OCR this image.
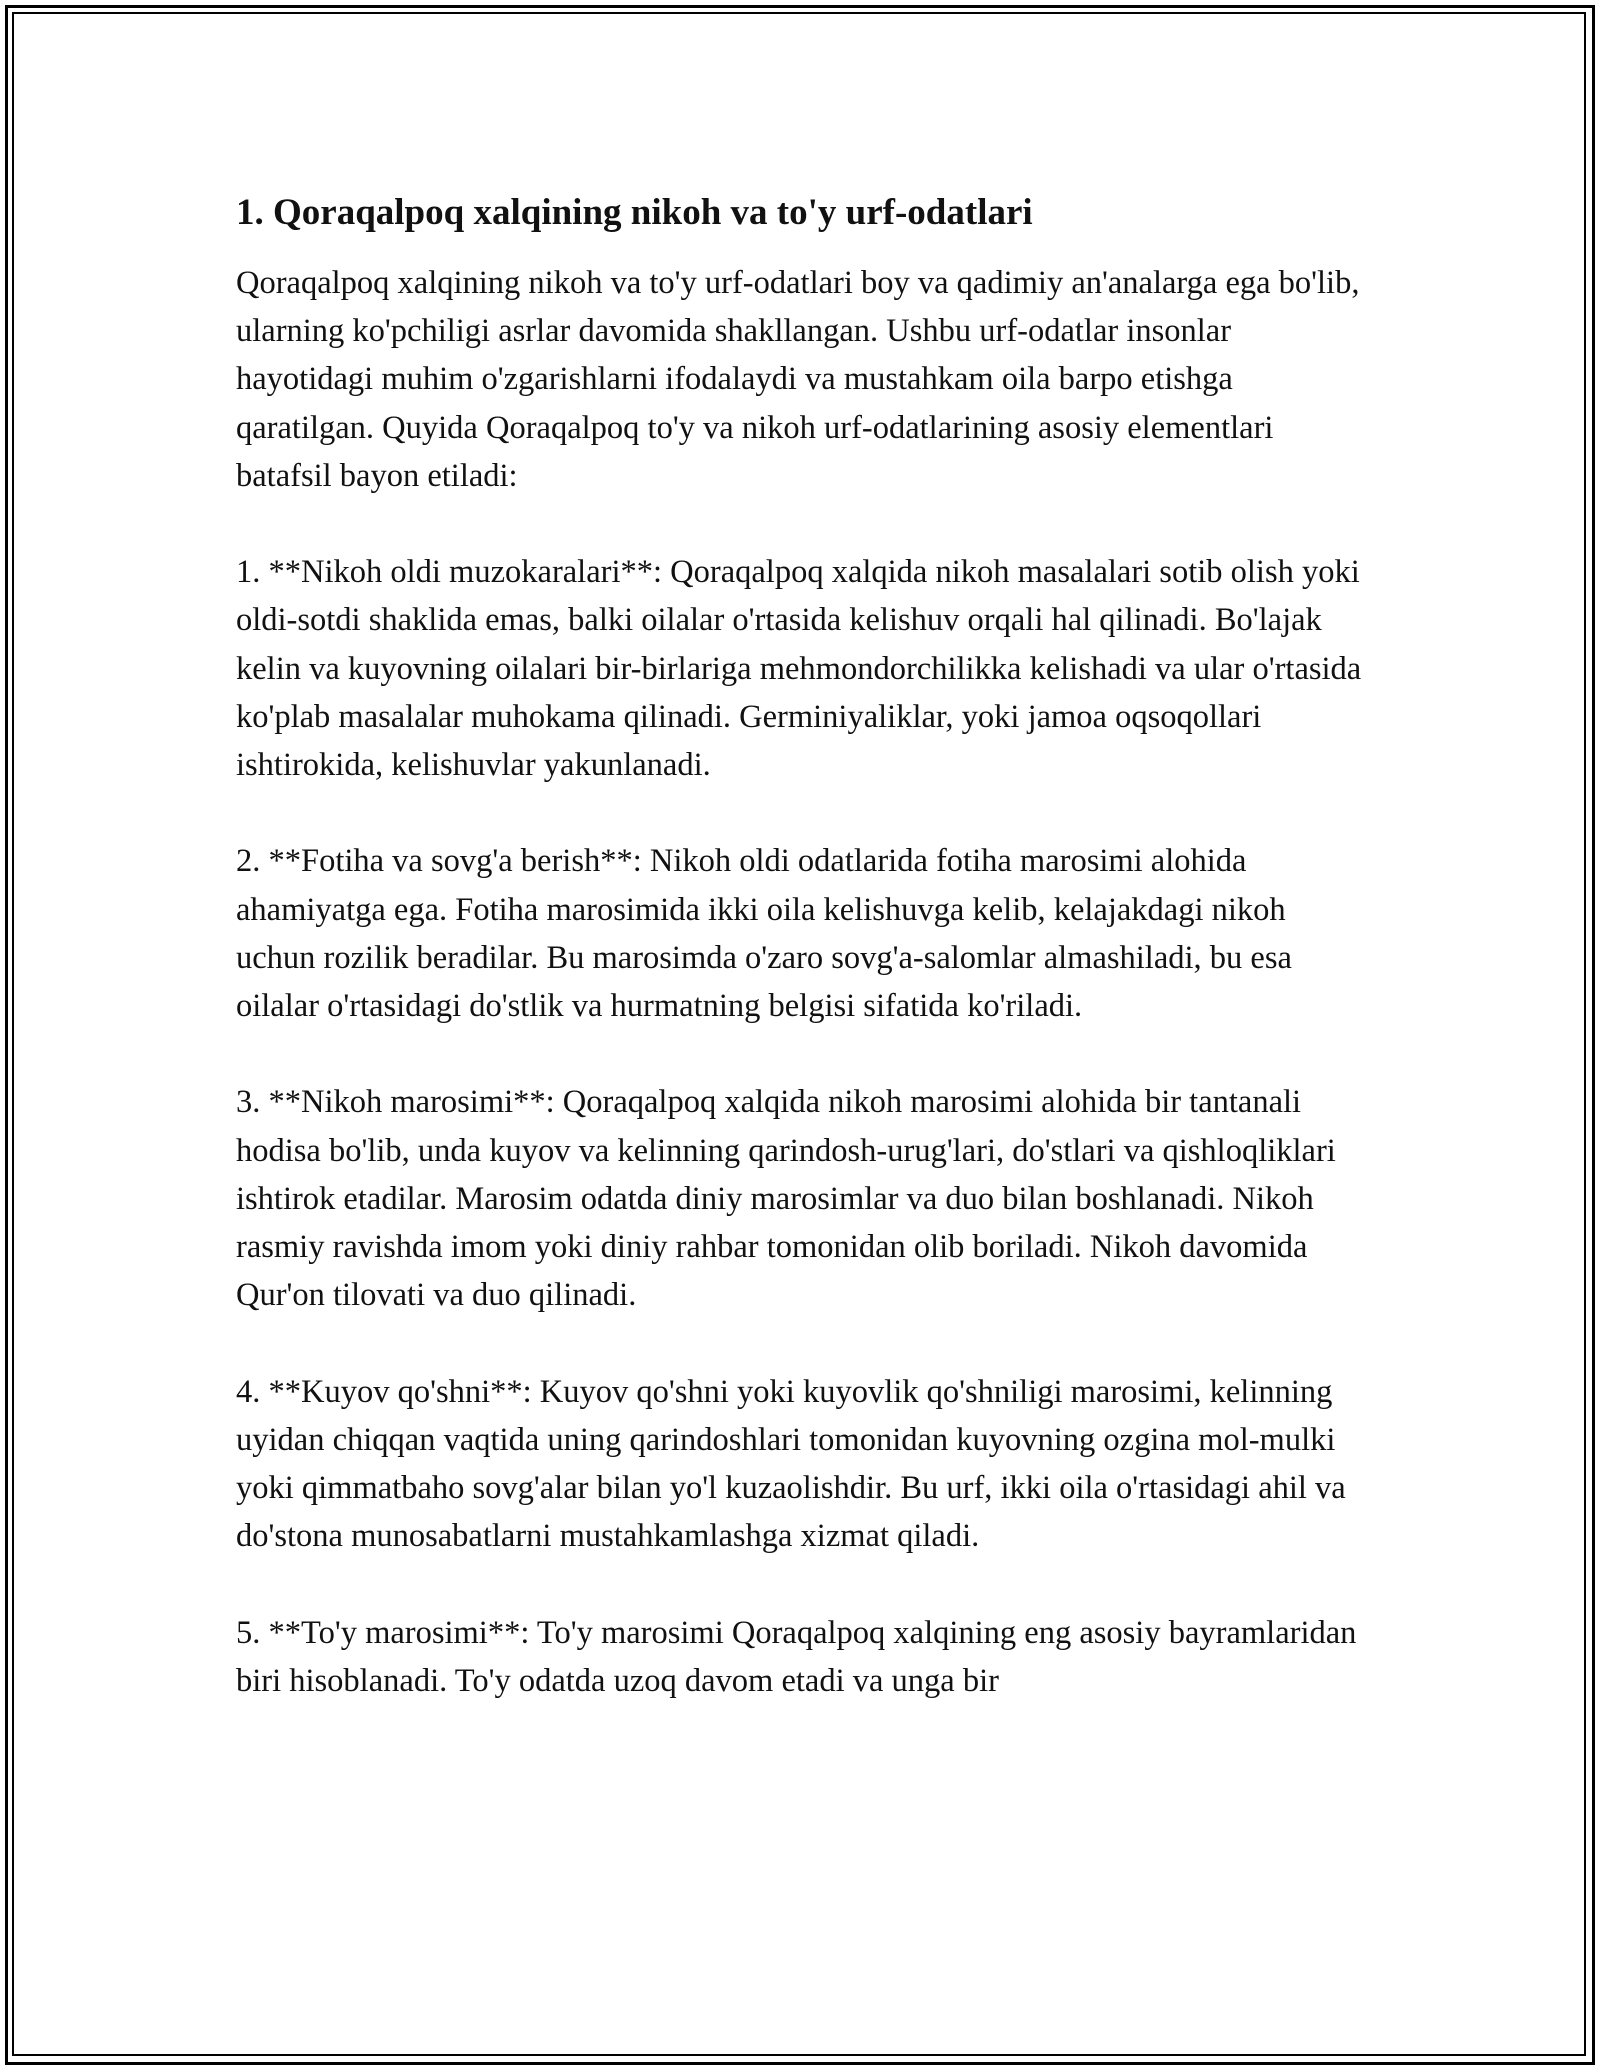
1. Qoraqalpoq xalqining nikoh va to'y urf-odatlari

Qoraqalpoq xalqining nikoh va to'y urf-odatlari boy va qadimiy an'analarga ega bo'lib, ularning ko'pchiligi asrlar davomida shakllangan. Ushbu urf-odatlar insonlar hayotidagi muhim o'zgarishlarni ifodalaydi va mustahkam oila barpo etishga qaratilgan. Quyida Qoraqalpoq to'y va nikoh urf-odatlarining asosiy elementlari batafsil bayon etiladi:

1. **Nikoh oldi muzokaralari**: Qoraqalpoq xalqida nikoh masalalari sotib olish yoki oldi-sotdi shaklida emas, balki oilalar o'rtasida kelishuv orqali hal qilinadi. Bo'lajak kelin va kuyovning oilalari bir-birlariga mehmondorchilikka kelishadi va ular o'rtasida ko'plab masalalar muhokama qilinadi. Germiniyaliklar, yoki jamoa oqsoqollari ishtirokida, kelishuvlar yakunlanadi.

2. **Fotiha va sovg'a berish**: Nikoh oldi odatlarida fotiha marosimi alohida ahamiyatga ega. Fotiha marosimida ikki oila kelishuvga kelib, kelajakdagi nikoh uchun rozilik beradilar. Bu marosimda o'zaro sovg'a-salomlar almashiladi, bu esa oilalar o'rtasidagi do'stlik va hurmatning belgisi sifatida ko'riladi.

3. **Nikoh marosimi**: Qoraqalpoq xalqida nikoh marosimi alohida bir tantanali hodisa bo'lib, unda kuyov va kelinning qarindosh-urug'lari, do'stlari va qishloqliklari ishtirok etadilar. Marosim odatda diniy marosimlar va duo bilan boshlanadi. Nikoh rasmiy ravishda imom yoki diniy rahbar tomonidan olib boriladi. Nikoh davomida Qur'on tilovati va duo qilinadi.

4. **Kuyov qo'shni**: Kuyov qo'shni yoki kuyovlik qo'shniligi marosimi, kelinning uyidan chiqqan vaqtida uning qarindoshlari tomonidan kuyovning ozgina mol-mulki yoki qimmatbaho sovg'alar bilan yo'l kuzaolishdir. Bu urf, ikki oila o'rtasidagi ahil va do'stona munosabatlarni mustahkamlashga xizmat qiladi.

5. **To'y marosimi**: To'y marosimi Qoraqalpoq xalqining eng asosiy bayramlaridan biri hisoblanadi. To'y odatda uzoq davom etadi va unga bir
